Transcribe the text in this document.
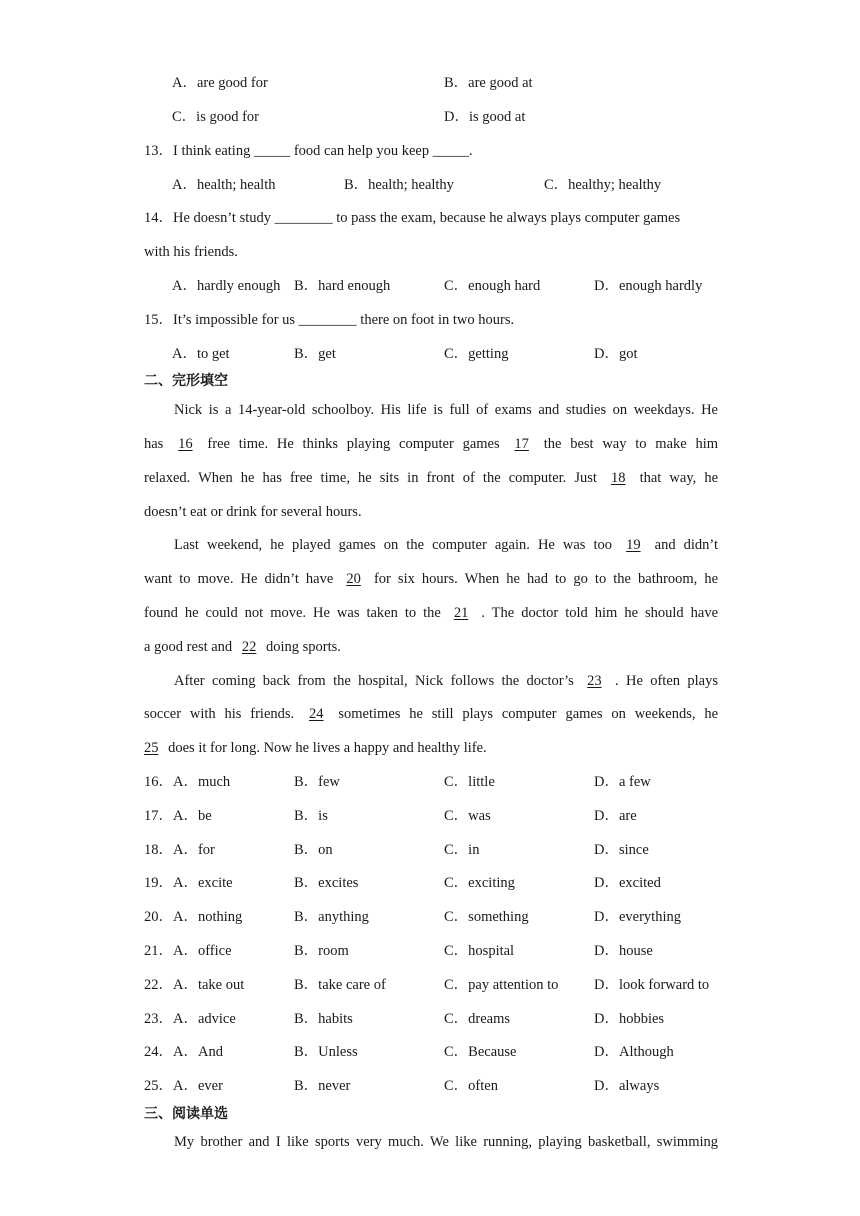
A．are good for	B．are good at
C．is good for	D．is good at
13．I think eating _____ food can help you keep _____.
A．health; health	B．health; healthy	C．healthy; healthy
14．He doesn’t study ________ to pass the exam, because he always plays computer games
with his friends.
A．hardly enough B．hard enough	C．enough hard	D．enough hardly
15．It’s impossible for us ________ there on foot in two hours.
A．to get	B．get	C．getting	D．got
二、完形填空
Nick is a 14-year-old schoolboy. His life is full of exams and studies on weekdays. He
has 16 free time. He thinks playing computer games 17 the best way to make him
relaxed. When he has free time, he sits in front of the computer. Just 18 that way, he
doesn’t eat or drink for several hours.
Last weekend, he played games on the computer again. He was too 19 and didn’t
want to move. He didn’t have 20 for six hours. When he had to go to the bathroom, he
found he could not move. He was taken to the 21 . The doctor told him he should have
a good rest and 22 doing sports.
After coming back from the hospital, Nick follows the doctor’s 23 . He often plays
soccer with his friends. 24 sometimes he still plays computer games on weekends, he
25 does it for long. Now he lives a happy and healthy life.
16．A．much	B．few	C．little	D．a few
17．A．be	B．is	C．was	D．are
18．A．for	B．on	C．in	D．since
19．A．excite	B．excites	C．exciting	D．excited
20．A．nothing	B．anything	C．something	D．everything
21．A．office	B．room	C．hospital	D．house
22．A．take out	B．take care of	C．pay attention to D．look forward to
23．A．advice	B．habits	C．dreams	D．hobbies
24．A．And	B．Unless	C．Because	D．Although
25．A．ever	B．never	C．often	D．always
三、阅读单选
My brother and I like sports very much. We like running, playing basketball, swimming
